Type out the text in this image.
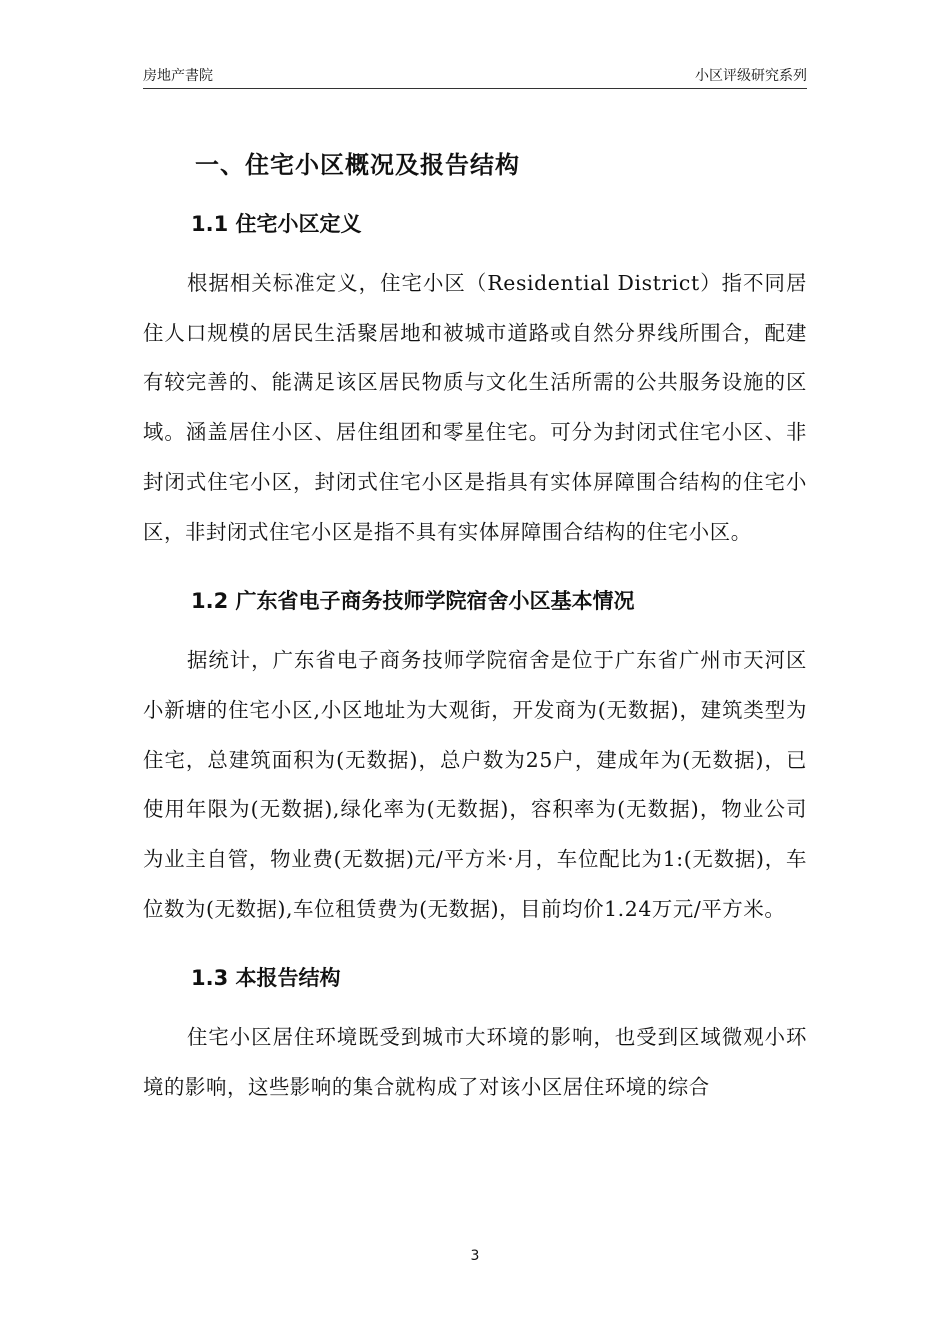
房地产書院	小区评级研究系列
一、住宅小区概况及报告结构
1.1 住宅小区定义

根据相关标准定义，住宅小区（Residential District）指不同居住人口规模的居民生活聚居地和被城市道路或自然分界线所围合，配建有较完善的、能满足该区居民物质与文化生活所需的公共服务设施的区域。涵盖居住小区、居住组团和零星住宅。可分为封闭式住宅小区、非封闭式住宅小区，封闭式住宅小区是指具有实体屏障围合结构的住宅小区，非封闭式住宅小区是指不具有实体屏障围合结构的住宅小区。

1.2 广东省电子商务技师学院宿舍小区基本情况

据统计，广东省电子商务技师学院宿舍是位于广东省广州市天河区小新塘的住宅小区,小区地址为大观街，开发商为(无数据)，建筑类型为住宅，总建筑面积为(无数据)，总户数为25户，建成年为(无数据)，已使用年限为(无数据),绿化率为(无数据)，容积率为(无数据)，物业公司为业主自管，物业费(无数据)元/平方米·月，车位配比为1:(无数据)，车位数为(无数据),车位租赁费为(无数据)，目前均价1.24万元/平方米。

1.3 本报告结构

住宅小区居住环境既受到城市大环境的影响，也受到区域微观小环境的影响，这些影响的集合就构成了对该小区居住环境的综合

3
